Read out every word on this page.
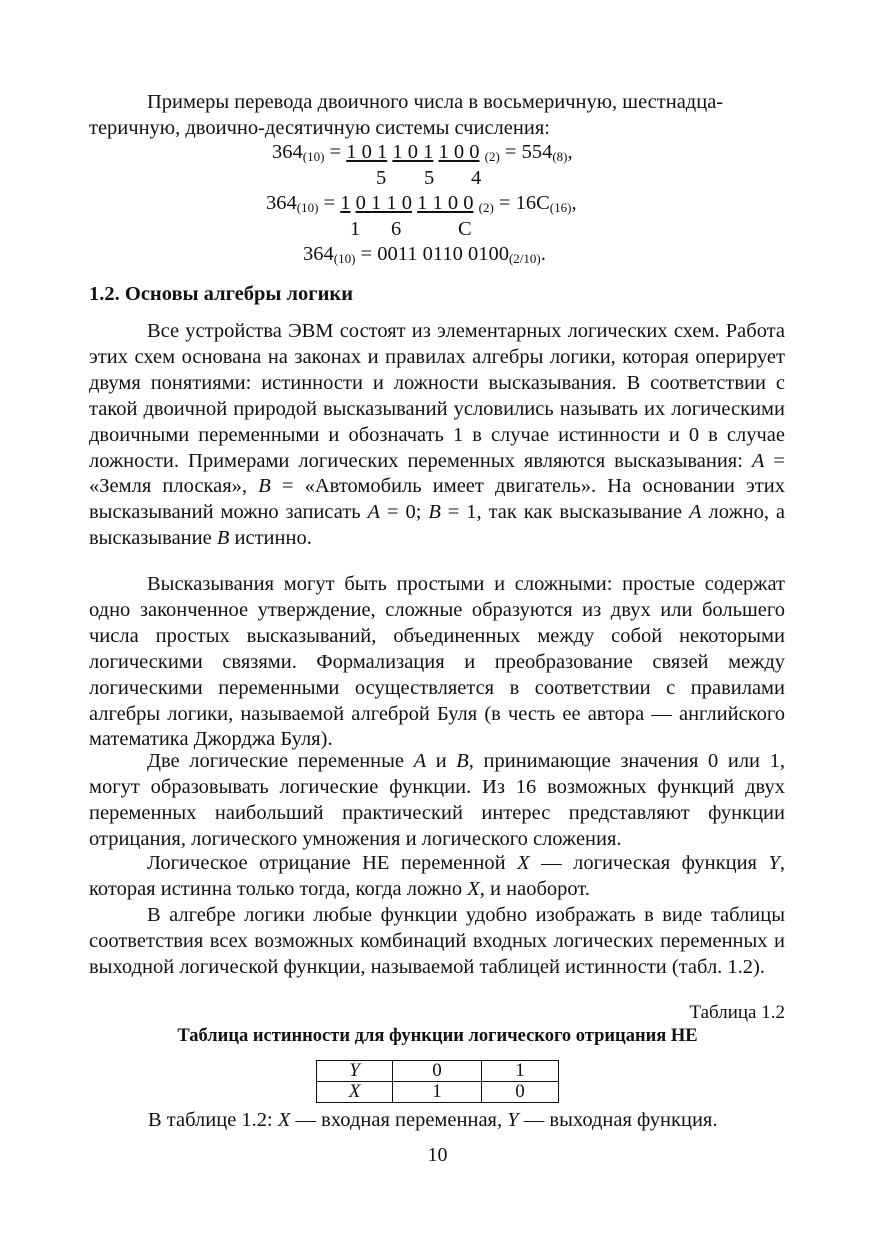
Примеры перевода двоичного числа в восьмеричную, шестнадца-
теричную, двоично-десятичную системы счисления:

$364_{(10)} = 1$ 0 1 1 0 1 1 0 0 $_{(2)} = 554_{(8)}$,
5 5 4
$364_{(10)} = 1$ 0 1 1 0 1 1 0 0 $_{(2)} = 16C_{(16)}$,
1 6	C
$364_{(10)} = 0011$ 0110 $0100_{(2/10)}$.
1.2. Основы алгебры логики

Все устройства ЭВМ состоят из элементарных логических схем. Работа этих схем основана на законах и правилах алгебры логики, которая оперирует двумя понятиями: истинности и ложности высказывания. В соответствии с такой двоичной природой высказываний условились называть их логическими двоичными переменными и обозначать 1 в случае истинности и 0 в случае ложности. Примерами логических переменных являются высказывания: A = «Земля плоская», B = «Автомобиль имеет двигатель». На основании этих высказываний можно записать A = 0; B = 1, так как высказывание A ложно, а высказывание B истинно.

Высказывания могут быть простыми и сложными: простые содержат одно законченное утверждение, сложные образуются из двух или большего числа простых высказываний, объединенных между собой некоторыми логическими связями. Формализация и преобразование связей между логическими переменными осуществляется в соответствии с правилами алгебры логики, называемой алгеброй Буля (в честь ее автора — английского математика Джорджа Буля).

Две логические переменные A и B, принимающие значения 0 или 1, могут образовывать логические функции. Из 16 возможных функций двух переменных наибольший практический интерес представляют функции отрицания, логического умножения и логического сложения.

Логическое отрицание НЕ переменной X — логическая функция Y, которая истинна только тогда, когда ложно X, и наоборот.

В алгебре логики любые функции удобно изображать в виде таблицы соответствия всех возможных комбинаций входных логических переменных и выходной логической функции, называемой таблицей истинности (табл. 1.2).

Таблица 1.2
Таблица истинности для функции логического отрицания НЕ
Y	0	1
X	1	0
В таблице 1.2: X — входная переменная, Y — выходная функция.
10
